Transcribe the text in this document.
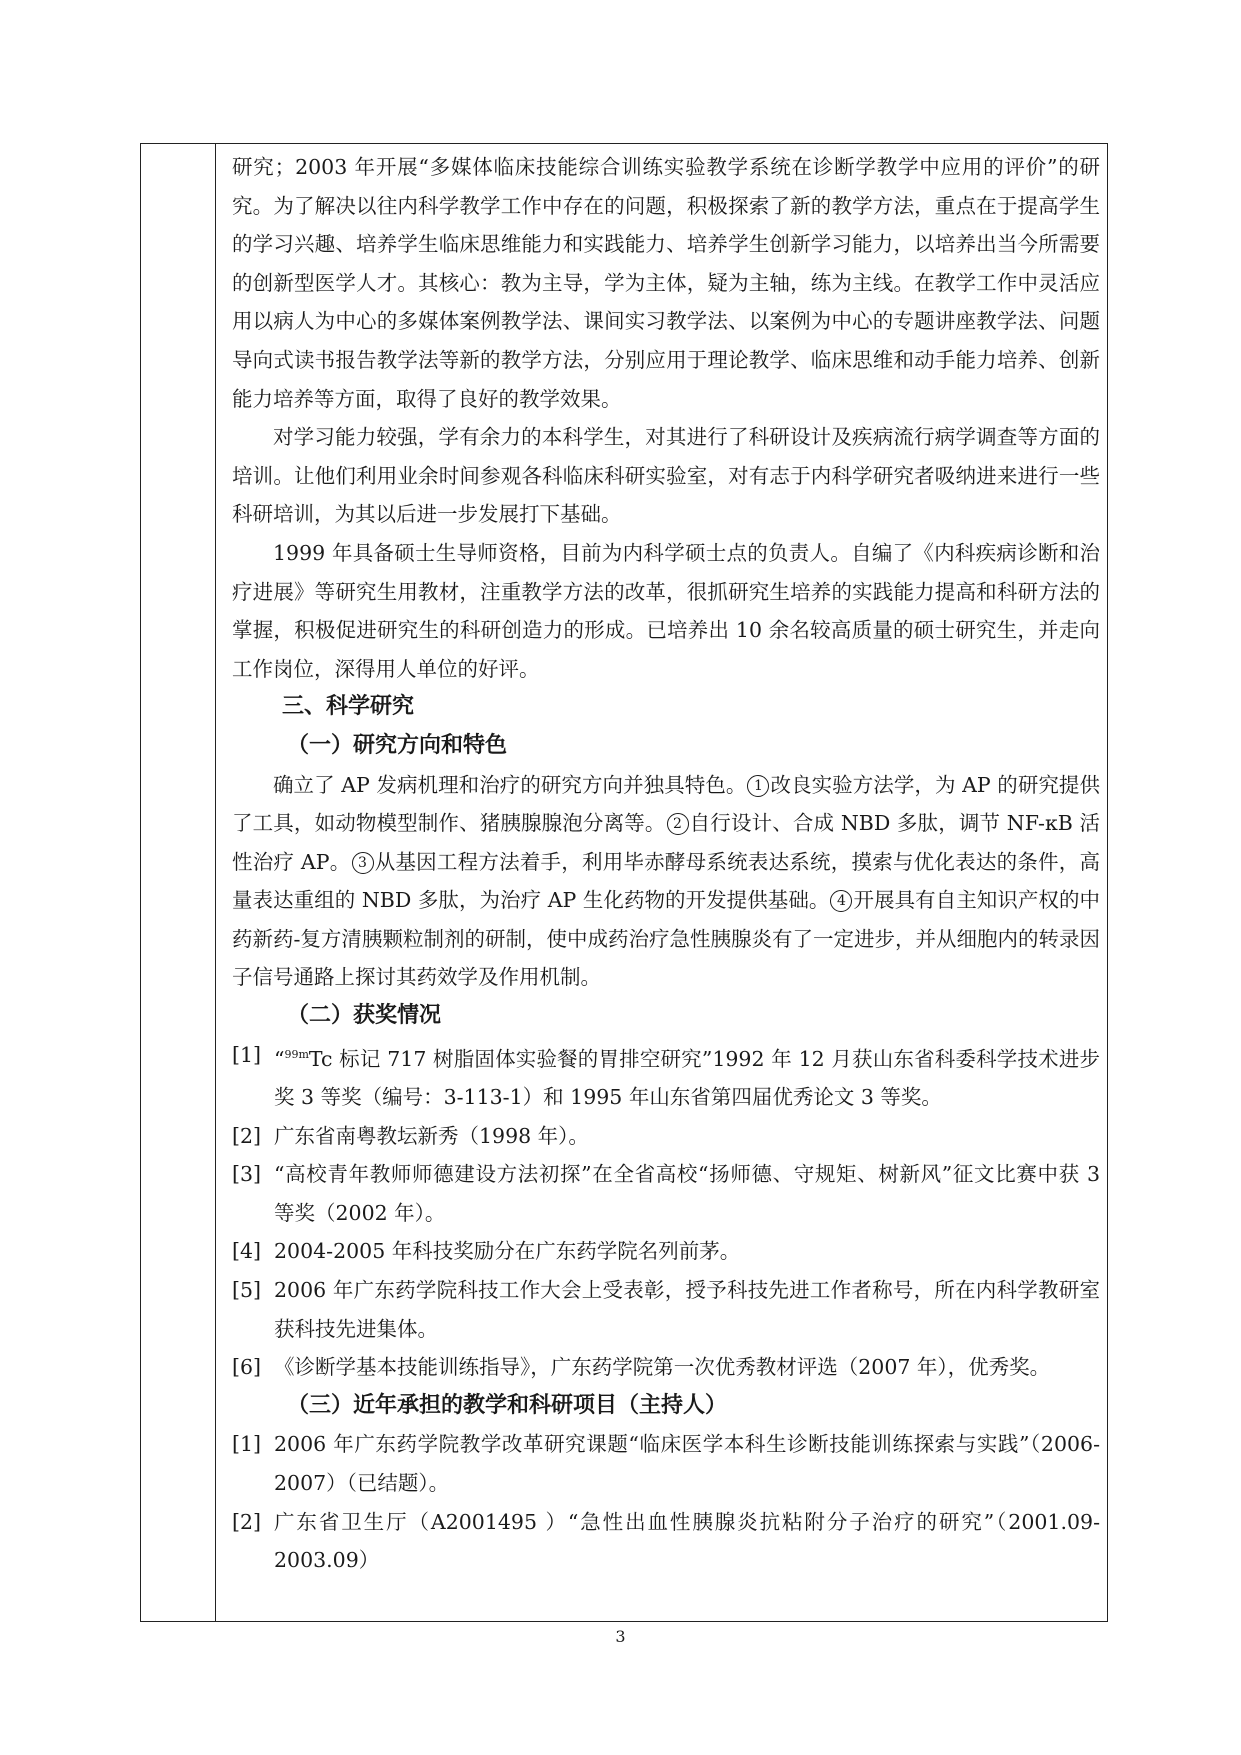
研究；2003 年开展“多媒体临床技能综合训练实验教学系统在诊断学教学中应用的评价”的研究。为了解决以往内科学教学工作中存在的问题，积极探索了新的教学方法，重点在于提高学生的学习兴趣、培养学生临床思维能力和实践能力、培养学生创新学习能力，以培养出当今所需要的创新型医学人才。其核心：教为主导，学为主体，疑为主轴，练为主线。在教学工作中灵活应用以病人为中心的多媒体案例教学法、课间实习教学法、以案例为中心的专题讲座教学法、问题导向式读书报告教学法等新的教学方法，分别应用于理论教学、临床思维和动手能力培养、创新能力培养等方面，取得了良好的教学效果。

对学习能力较强，学有余力的本科学生，对其进行了科研设计及疾病流行病学调查等方面的培训。让他们利用业余时间参观各科临床科研实验室，对有志于内科学研究者吸纳进来进行一些科研培训，为其以后进一步发展打下基础。

1999 年具备硕士生导师资格，目前为内科学硕士点的负责人。自编了《内科疾病诊断和治疗进展》等研究生用教材，注重教学方法的改革，很抓研究生培养的实践能力提高和科研方法的掌握，积极促进研究生的科研创造力的形成。已培养出 10 余名较高质量的硕士研究生，并走向工作岗位，深得用人单位的好评。

三、科学研究

（一）研究方向和特色

确立了 AP 发病机理和治疗的研究方向并独具特色。 1 改良实验方法学，为 AP 的研究提供了工具，如动物模型制作、猪胰腺腺泡分离等。 2 自行设计、合成 NBD 多肽，调节 NF-κB 活性治疗 AP。 3 从基因工程方法着手，利用毕赤酵母系统表达系统，摸索与优化表达的条件，高量表达重组的 NBD 多肽，为治疗 AP 生化药物的开发提供基础。 4 开展具有自主知识产权的中药新药-复方清胰颗粒制剂的研制，使中成药治疗急性胰腺炎有了一定进步，并从细胞内的转录因子信号通路上探讨其药效学及作用机制。

（二）获奖情况

[1] “$^{99m}$Tc 标记 717 树脂固体实验餐的胃排空研究”1992 年 12 月获山东省科委科学技术进步奖 3 等奖（编号：3-113-1）和 1995 年山东省第四届优秀论文 3 等奖。
[2] 广东省南粤教坛新秀（1998 年）。
[3] “高校青年教师师德建设方法初探”在全省高校“扬师德、守规矩、树新风”征文比赛中获 3 等奖（2002 年）。
[4] 2004-2005 年科技奖励分在广东药学院名列前茅。
[5] 2006 年广东药学院科技工作大会上受表彰，授予科技先进工作者称号，所在内科学教研室获科技先进集体。
[6] 《诊断学基本技能训练指导》，广东药学院第一次优秀教材评选（2007 年），优秀奖。

（三）近年承担的教学和科研项目（主持人）

[1] 2006 年广东药学院教学改革研究课题“临床医学本科生诊断技能训练探索与实践”（2006-2007）（已结题）。
[2] 广东省卫生厅（A2001495 ）“急性出血性胰腺炎抗粘附分子治疗的研究”（2001.09-2003.09）
3
